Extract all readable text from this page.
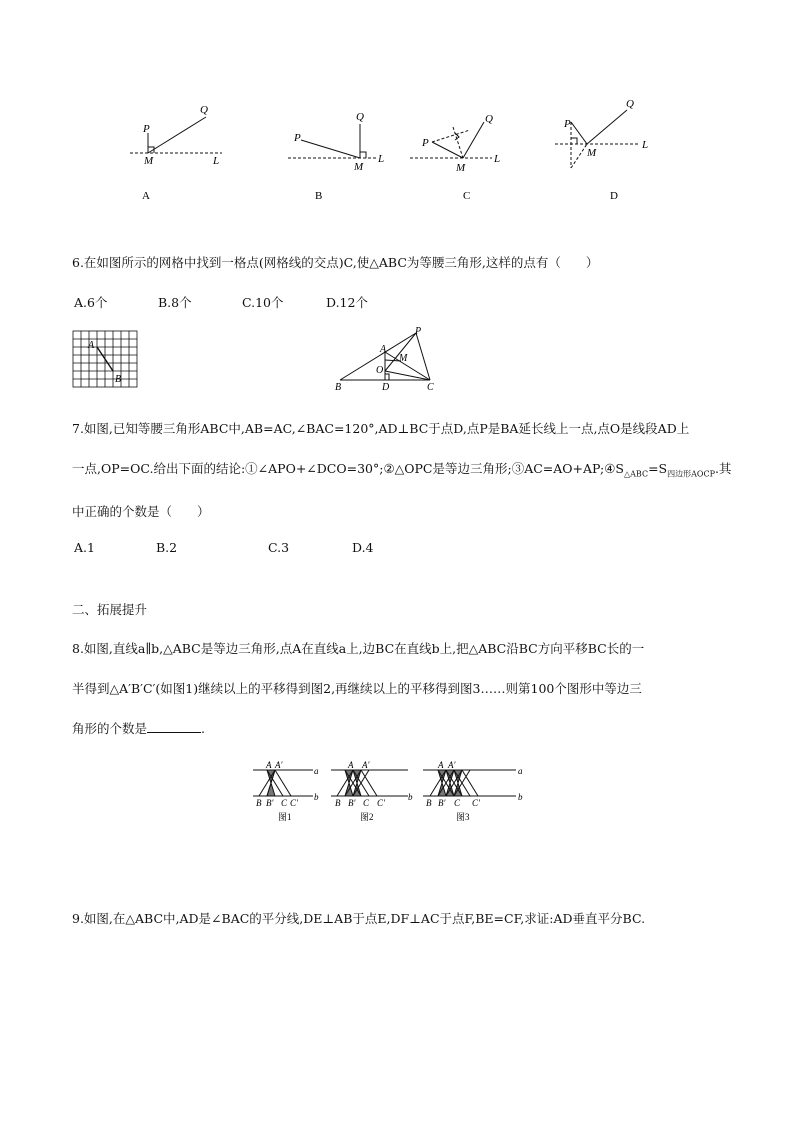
P
Q
M	L
Q
P
M
L
Q
P
M
L
Q
P
M
L
A	B	C	D
6.在如图所示的网格中找到一格点(网格线的交点)C,使△ABC为等腰三角形,这样的点有（　　）
A.6个	B.8个	C.10个	D.12个
A
B
P
A
M
O
B	D	C
7.如图,已知等腰三角形ABC中,AB=AC,∠BAC=120°,AD⊥BC于点D,点P是BA延长线上一点,点O是线段AD上
一点,OP=OC.给出下面的结论:①∠APO+∠DCO=30°;②△OPC是等边三角形$;③AC=AO+AP;④S_{\triangle ABC}=S_{四边形AOCP}$.其
中正确的个数是（　　）
A.1	B.2	C.3	D.4
二、拓展提升
8.如图,直线a∥b,△ABC是等边三角形,点A在直线a上,边BC在直线b上,把△ABC沿BC方向平移BC长的一
半得到△A′B′C′(如图1)继续以上的平移得到图2,再继续以上的平移得到图3……则第100个图形中等边三
角形的个数是	.
A A′
a
b
B B′ C C′
图1
A A′
b
B B′ C C′
图2
A A′
a
b
B B′ C C′
图3
9.如图,在△ABC中,AD是∠BAC的平分线,DE⊥AB于点E,DF⊥AC于点F,BE=CF,求证:AD垂直平分BC.
